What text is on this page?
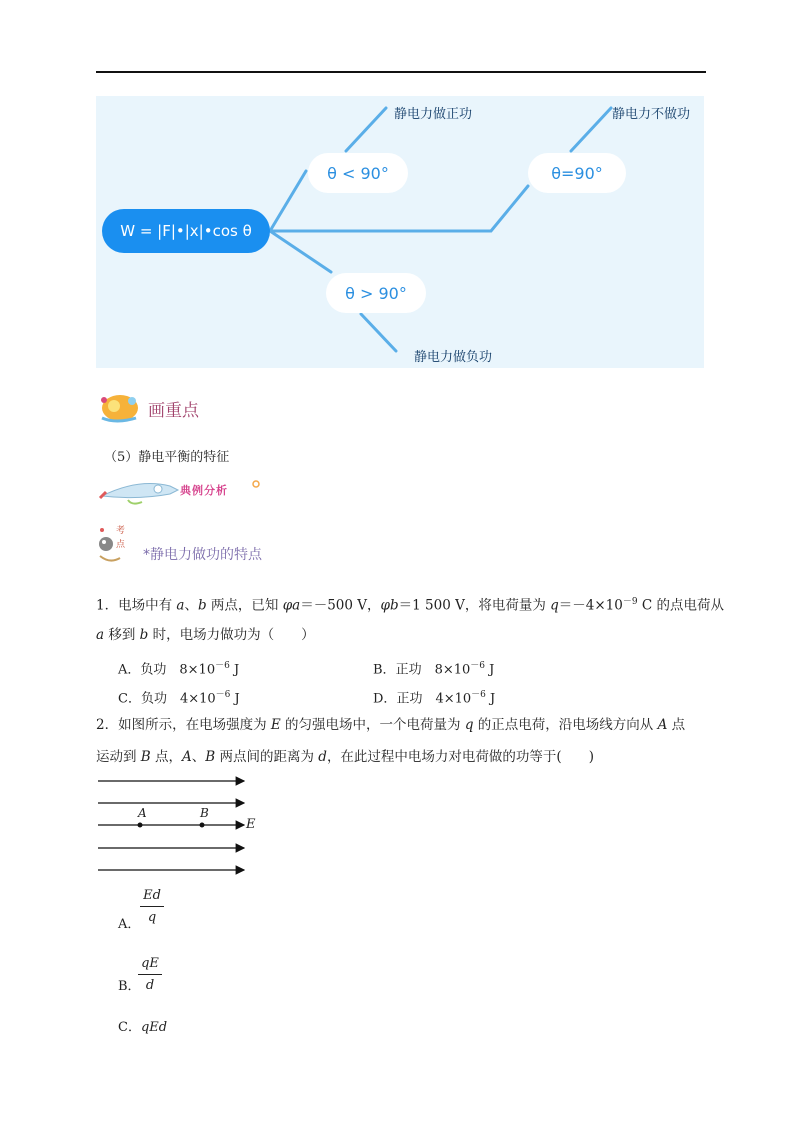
W = |F|•|x|•cos θ
θ < 90°	θ=90°
θ > 90°
静电力做正功	静电力不做功
静电力做负功
画重点
（5）静电平衡的特征
典例分析
考点
*静电力做功的特点
1．电场中有 a、b 两点，已知 φa＝－500 V，φb＝1 500 V，将电荷量为 $q=-4\times 10^{-9}$ C 的点电荷从
a 移到 b 时，电场力做功为（　　）
A．负功　$8\times 10^{-6}$ J	B．正功　$8\times 10^{-6}$ J
C．负功　$4\times 10^{-6}$ J	D．正功　$4\times 10^{-6}$ J
2．如图所示，在电场强度为 E 的匀强电场中，一个电荷量为 q 的正点电荷，沿电场线方向从 A 点
运动到 B 点，A、B 两点间的距离为 d，在此过程中电场力对电荷做的功等于(　　)
A	B
E
A．
Ed
q
B．
qE
d
C．qEd
